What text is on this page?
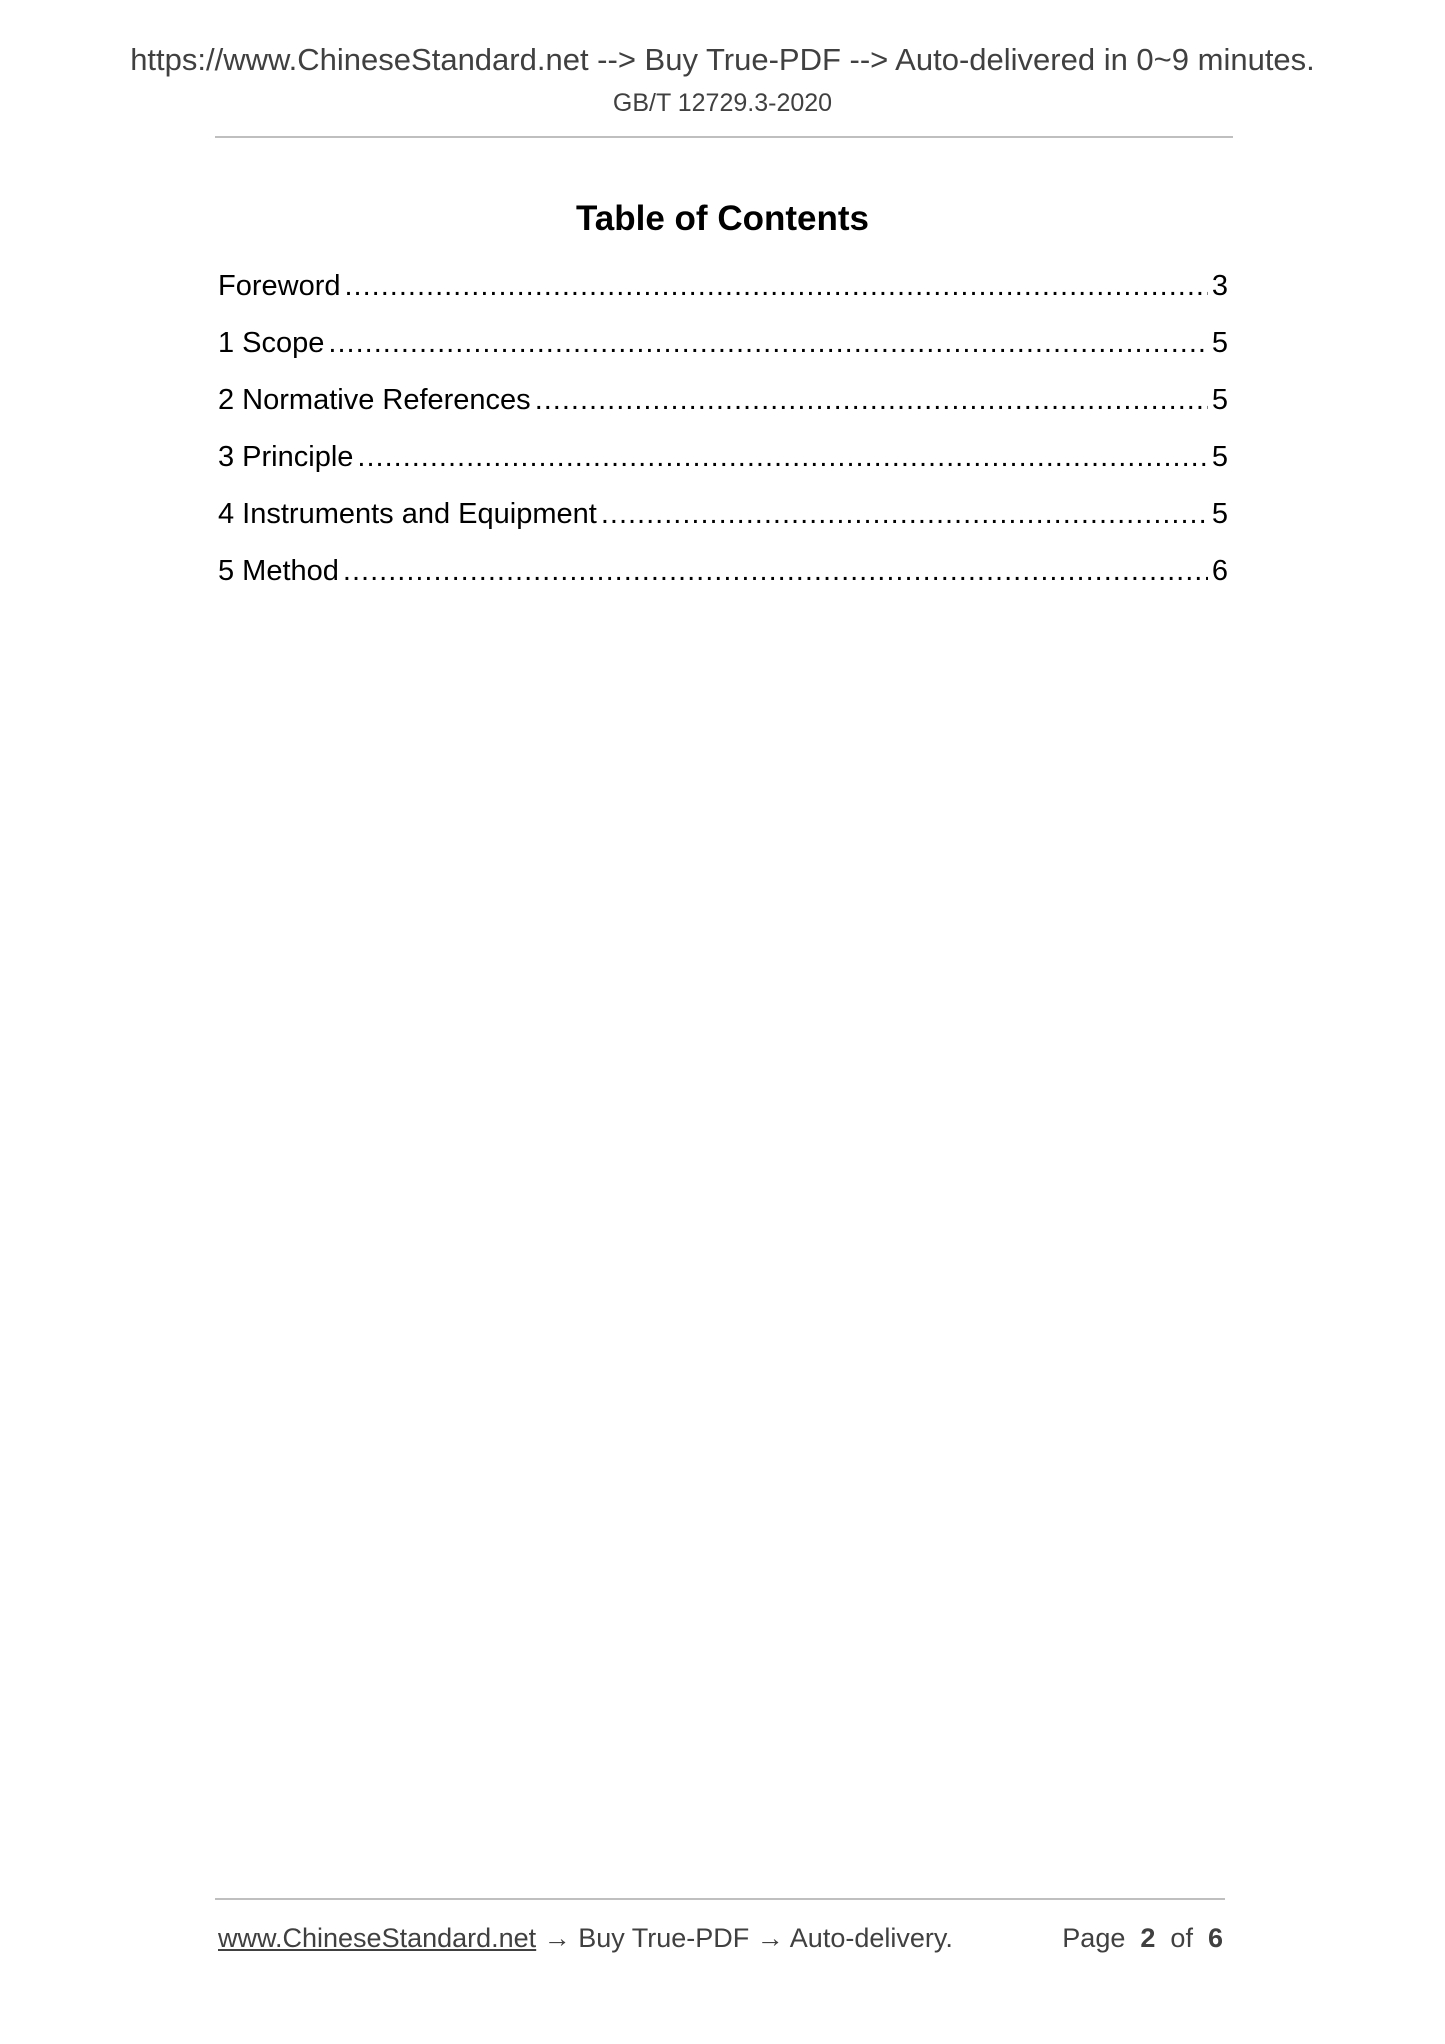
https://www.ChineseStandard.net --> Buy True-PDF --> Auto-delivered in 0~9 minutes.
GB/T 12729.3-2020
Table of Contents
Foreword .....	3
1 Scope .....	5
2 Normative References .....	5
3 Principle .....	5
4 Instruments and Equipment .....	5
5 Method .....	6
www.ChineseStandard.net → Buy True-PDF → Auto-delivery.	Page 2 of 6
